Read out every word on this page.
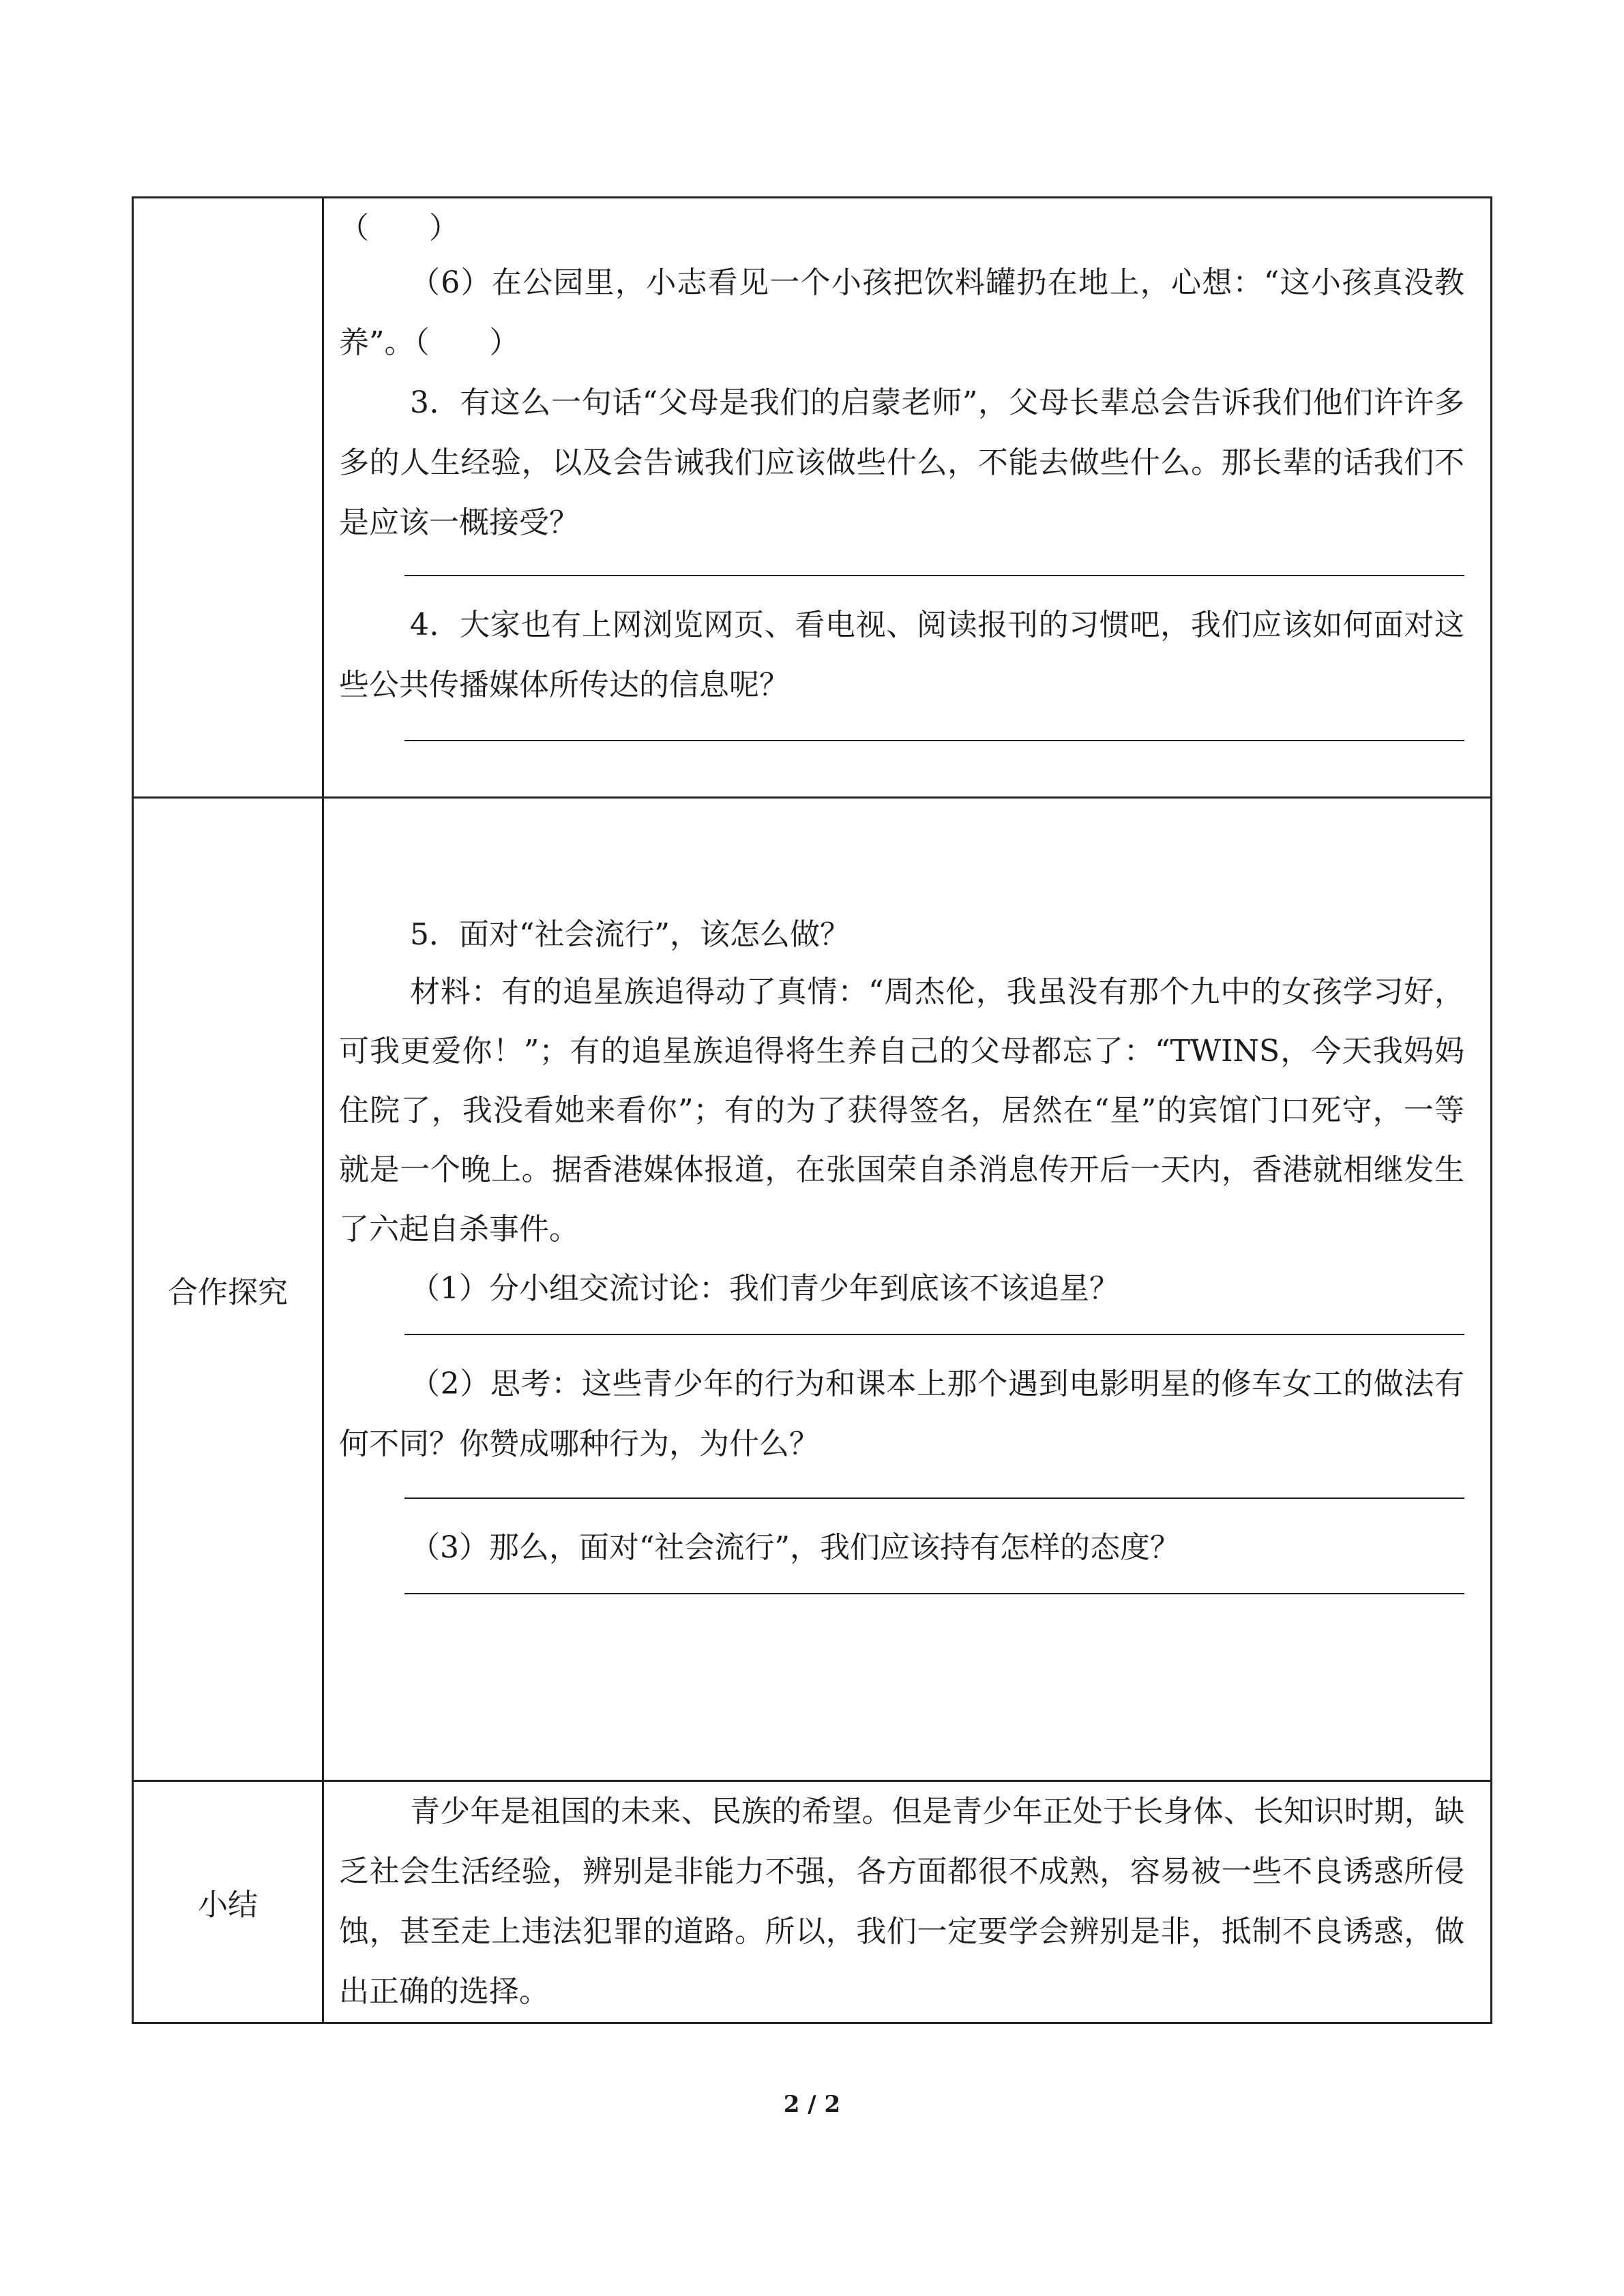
	（　　）

（6）在公园里，小志看见一个小孩把饮料罐扔在地上，心想：“这小孩真没教养”。（　　）

3．有这么一句话“父母是我们的启蒙老师”，父母长辈总会告诉我们他们许许多多的人生经验，以及会告诫我们应该做些什么，不能去做些什么。那长辈的话我们不是应该一概接受？

4．大家也有上网浏览网页、看电视、阅读报刊的习惯吧，我们应该如何面对这些公共传播媒体所传达的信息呢？

合作探究	5．面对“社会流行”，该怎么做？

材料：有的追星族追得动了真情：“周杰伦，我虽没有那个九中的女孩学习好，可我更爱你！”；有的追星族追得将生养自己的父母都忘了：“TWINS，今天我妈妈住院了，我没看她来看你”；有的为了获得签名，居然在“星”的宾馆门口死守，一等就是一个晚上。据香港媒体报道，在张国荣自杀消息传开后一天内，香港就相继发生了六起自杀事件。

（1）分小组交流讨论：我们青少年到底该不该追星？

（2）思考：这些青少年的行为和课本上那个遇到电影明星的修车女工的做法有何不同？你赞成哪种行为，为什么？

（3）那么，面对“社会流行”，我们应该持有怎样的态度？

小结	青少年是祖国的未来、民族的希望。但是青少年正处于长身体、长知识时期，缺乏社会生活经验，辨别是非能力不强，各方面都很不成熟，容易被一些不良诱惑所侵蚀，甚至走上违法犯罪的道路。所以，我们一定要学会辨别是非，抵制不良诱惑，做出正确的选择。

2 / 2
